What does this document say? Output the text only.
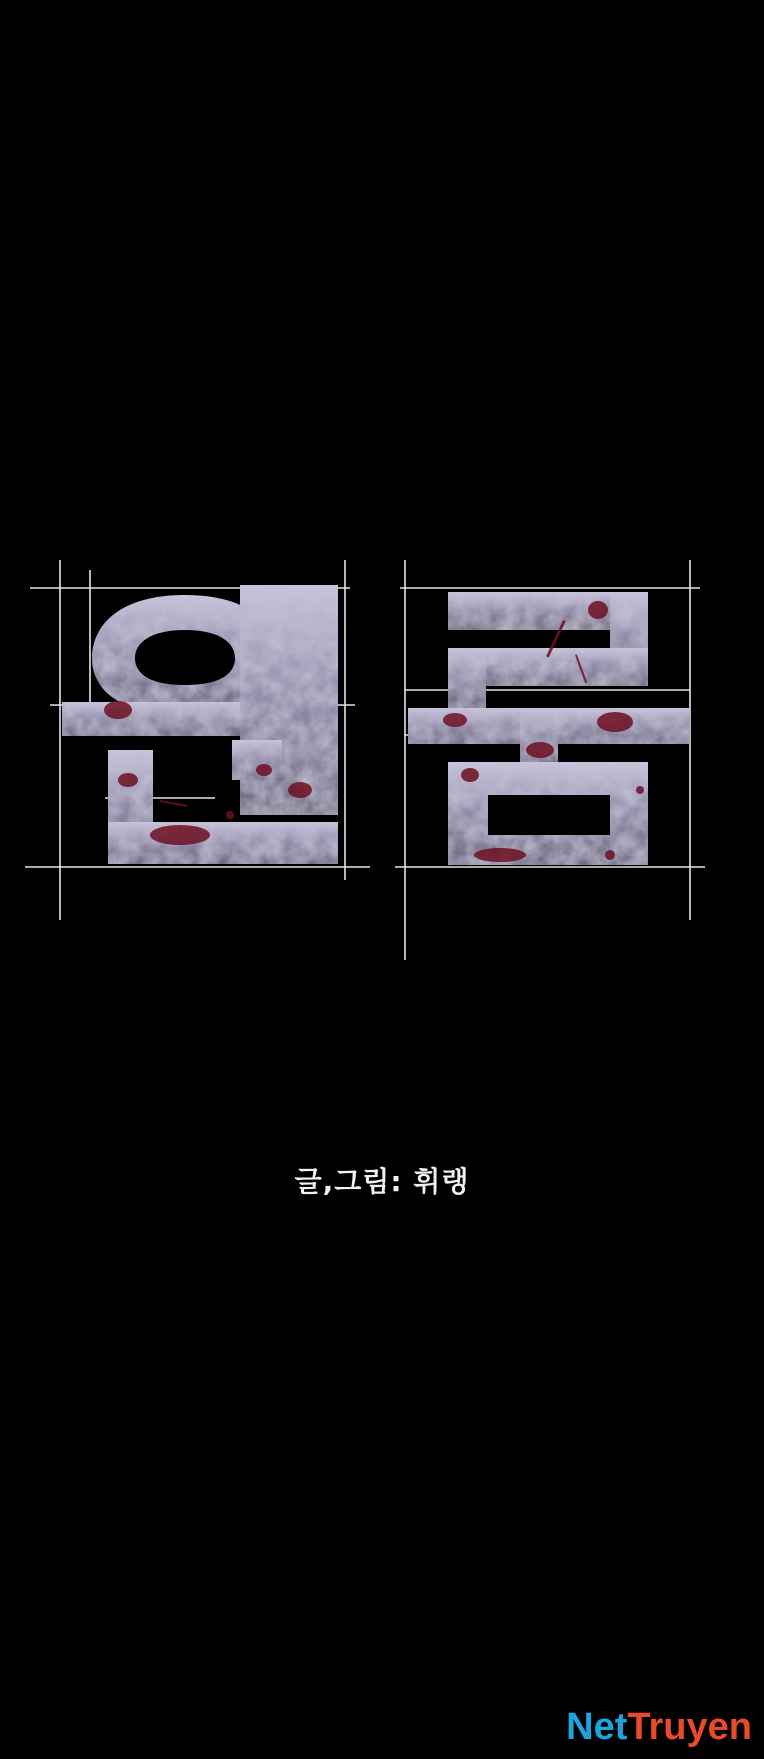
글,그림: 휘랭
NetTruyen
